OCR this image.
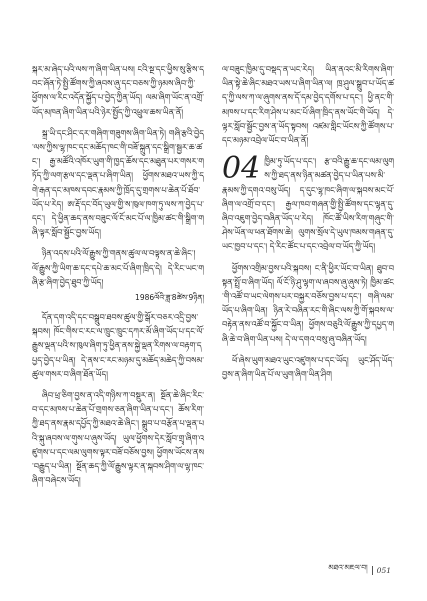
སྐར་མ་ཞེད་པའི་ལས་ཀ་ཞིག་ཡིན་པས། ངའི་སྔ་དང་ཕྱིས་སུ་རྩིས་དབང་ཞོན་ཏེ་སྤྱི་ཚོགས་ཀྱི་ཞབས་ཞུ་དང་བཅས་ཀྱི་ཉམས་ཞིབ་ཀྱི་ཕྱོགས་ལ་རིང་འདོན་སྐྱོད་པ་བྱེད་ཀྱིན་ཡོད། ལམ་ཞིག་ཡོང་ན་འགྲོ་ཡོད་མཁན་ཞིག་ཡིན་པའི་ཉེར་སྤྱོད་ཀྱི་འཕྲུལ་ཆས་ཡིན་ནོ།

སྐྲ་ཡི་དང་ཤིང་དར་གཞིག་གཟུགས་ཞིག་ཡིན་ཏེ། གཞི་རྩའི་བྱེད་ལས་ཀྱིས་ལྷ་ཁང་དང་མཆོད་ཁང་གི་བཟོ་སྐྲུན་དང་སྒྲིག་སྦྱར་ཆ་ཚང་། རྒྱ་མཚོའི་འཁོར་ཡུག་གི་ཁྱད་ཆོས་དང་མཐུན་པར་གསར་གཏོད་ཀྱི་ལག་རྩལ་དང་ལྡན་པ་ཞིག་ཡིན། ཕྱོགས་མཐའ་ཡས་ཀྱི་དགེ་རྒན་དང་མཁས་དབང་རྣམས་ཀྱི་ཁྲོད་དུ་གྲགས་པ་ཆེན་པོ་ཐོབ་ཡོད་པ་རེད། ཨ་རྡོ་དང་བོད་ཡུལ་གྱི་ས་ཁུལ་ཁག་ཏུ་ལས་ཀ་བྱེད་པ་དང་། དེ་ཕྱིན་ཆད་ནས་བཟུང་ལོ་ངོ་མང་པོ་ལ་ཁྱིམ་ཚང་གི་སྒྲིག་གཞི་ལྟར་སློབ་སྦྱོང་བྱས་ཡོད།

ཉིན་འདས་པའི་ལོ་རྒྱུས་ཀྱི་གནས་ཚུལ་ལ་བལྟས་ན་ཆེ་ཞིང་། ལོ་རྒྱུས་ཀྱི་ཡིག་ཆ་དང་དཔེ་ཆ་མང་པོ་ཞིག་ཁྲིད་དེ། དེ་རིང་ཡང་གཞི་རྩ་ཞིག་བྱེད་ཐུབ་ཀྱི་ཡོད།

1986ལོའི་ཟླ་8ཚེས་9ཉིན།

དོན་དག་འདི་དང་བསྒྲུབ་ཐབས་ཚུལ་གྱི་སྒོར་བཅར་འདྲི་བྱས་སྐབས། ཁོང་གིས་ང་རང་ལ་ཁྲུང་ཁྲུང་དཀར་མོ་ཞིག་ཡོད་པ་དང་ལོ་རྒྱུས་ལྡན་པའི་ས་ཁུལ་ཞིག་ཏུ་ཕྱིན་ནས་སྐྱེ་ལྡན་རིགས་ལ་བརྟག་དཔྱད་བྱེད་པ་ཡིན། དེ་ནས་ང་རང་མཉམ་དུ་མཆོད་མཆེད་ཀྱི་བསམ་ཚུལ་གསར་བ་ཞིག་ཐོན་ཡོད།

ཞིབ་ཕྲ་ཅིག་བྱས་ན་འདི་གཉིས་ཀ་བསྡུར་ན། སྔོན་ཆེ་ཞིང་རིང་བ་དང་མཁས་པ་ཆེན་པོ་གྲགས་ཅན་ཞིག་ཡིན་པ་དང་། ཆོས་རིག་ཀྱི་ཐད་ནས་རྣམ་དཔྱོད་ཀྱི་མཐའ་ཆེ་ཞིང་། སྒྲུབ་པ་བརྩོན་པ་ལྡན་པའི་སྐུ་ཞབས་ལ་གུས་པ་ཞུས་ཡོད། ཡུལ་ཕྱོགས་དེར་སློབ་གྲྭ་ཞིག་འཛུགས་པ་དང་ལམ་ལུགས་ལྟར་བཟོ་བཅོས་བྱས། ཕྱོགས་ཡོངས་ནས་བརྒྱུད་པ་ཡིན། སྔོན་ཆད་ཀྱི་ལོ་རྒྱུས་ལྟར་ན་སྐབས་ཤིག་ལ་ལྷ་ཁང་ཞིག་བཞེངས་ཡོད།

ལ་བཟུང་ཁྱིམ་དུ་བསྡད་ན་ཡང་རེད། ཡིན་ནའང་མི་རིགས་ཞིག་ཡིན་སྟེ་ཆེ་ཞིང་མཐའ་ཡས་པ་ཞིག་ཡིན་ལ། ཁྲ་ཤུལ་སྒྲུབ་པ་ཡོད་ཚད་ཀྱི་ལས་ཀ་ལ་ཞུགས་ནས་དོ་དམ་བྱེད་དགོས་པ་དང་། ཕྱི་ནང་གི་མཁས་པ་དང་རིག་ཤེས་པ་མང་པོ་ཞིག་ཁྲིད་ནས་ཡོང་གི་ཡོད། དེ་ལྟར་སློབ་སྦྱོང་བྱས་ན་ཡོད་སྟབས། འཛམ་གླིང་ཡོངས་ཀྱི་ཚོགས་པ་དང་མཉམ་འབྲེལ་ཡོང་བ་ཡིན་ནོ།

04 ཁྱིམ་ཏུ་ཡོད་པ་དང་། རྩ་བའི་རྒྱུ་ཆ་དང་ལམ་ལུགས་ཀྱི་ཐད་ནས་ཉིན་མཚན་བྱེད་པ་ཡིན་པས་མི་རྣམས་ཀྱི་དགའ་བསུ་ཡོད། ད་དུང་ལྷ་ཁང་ཞིག་ལ་སྐབས་མང་པོ་ཞིག་ལ་འགྲོ་བ་དང་། རྒྱལ་ཁབ་གཞན་གྱི་སྤྱི་ཚོགས་དང་ལྷན་དུ་ཞིབ་འཇུག་བྱེད་བཞིན་ཡོད་པ་རེད། ཁོང་ཚོ་ཡིས་རིག་གཞུང་གི་ཤེས་ཡོན་ལ་ཕན་ཐོགས་ཆེ། ལུགས་སྲོལ་དེ་ཡུལ་ཁམས་གཞན་དུ་ཡང་ཁྱབ་པ་དང་། དེ་རིང་ཚོང་པ་དང་འབྲེལ་བ་ཡོད་ཀྱི་ཡོད།

ཕྱོགས་འགྲིམ་བྱས་པའི་སྐབས། ང་ནི་ཕྱིར་ཡོང་བ་ཡིན། ཐུབ་བསྟན་སྤྲོ་བ་ཞིག་ཡོད། ལོ་ངོ་ཉི་ཤུ་ལྷག་ལ་ཞབས་ཞུ་ཞུས་ཏེ། ཁྱིམ་ཚང་གི་འཚོ་བ་ཡང་ལེགས་པར་བསྐྱར་བཅོས་བྱས་པ་དང་། གཞི་ལམ་ཡོད་པ་ཞིག་ཡིན། ཉིན་རེ་བཞིན་རང་གི་ཞིང་ལས་ཀྱི་གོ་སྐབས་ལ་བརྟེན་ནས་འཚོ་བ་སྐྱོང་བ་ཡིན། ཕྱོགས་བཅུའི་ལོ་རྒྱུས་ཀྱི་དཔྱད་གཞི་ཆེ་བ་ཞིག་ཡིན་པས། དེ་ལ་དགའ་བསུ་ཞུ་བཞིན་ཡོད།

ཕོ་ཞེས་ཡུག་མཐའ་ཡུང་འཛུགས་པ་དང་ཡོད། ཡུང་ཤོད་ཡོད་བྱས་ན་ཞིག་ཡིན་པོ་ལ་ཡུག་ཞིག་ཡིན་ཤིག

མཐའ་མཇལ་བ། 051
